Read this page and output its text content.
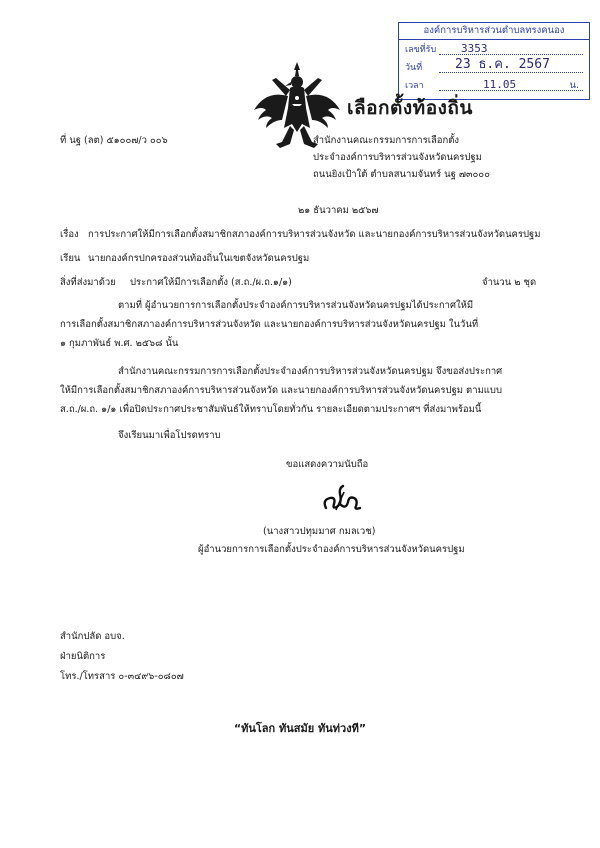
องค์การบริหารส่วนตำบลทรงคนอง
เลขที่รับ 3353
วันที่	23 ธ.ค. 2567
เวลา	11.05	น.
เลือกตั้งท้องถิ่น
ที่ นฐ (ลต) ๕๑๐๐๗/ว ๐๐๖	สำนักงานคณะกรรมการการเลือกตั้ง
ประจำองค์การบริหารส่วนจังหวัดนครปฐม
ถนนยิงเป้าใต้ ตำบลสนามจันทร์ นฐ ๗๓๐๐๐
๒๑ ธันวาคม ๒๕๖๗
เรื่อง การประกาศให้มีการเลือกตั้งสมาชิกสภาองค์การบริหารส่วนจังหวัด และนายกองค์การบริหารส่วนจังหวัดนครปฐม
เรียน นายกองค์กรปกครองส่วนท้องถิ่นในเขตจังหวัดนครปฐม
สิ่งที่ส่งมาด้วย ประกาศให้มีการเลือกตั้ง (ส.ถ./ผ.ถ.๑/๑)	จำนวน ๒ ชุด
ตามที่ ผู้อำนวยการการเลือกตั้งประจำองค์การบริหารส่วนจังหวัดนครปฐมได้ประกาศให้มี
การเลือกตั้งสมาชิกสภาองค์การบริหารส่วนจังหวัด และนายกองค์การบริหารส่วนจังหวัดนครปฐม ในวันที่
๑ กุมภาพันธ์ พ.ศ. ๒๕๖๘ นั้น
สำนักงานคณะกรรมการการเลือกตั้งประจำองค์การบริหารส่วนจังหวัดนครปฐม จึงขอส่งประกาศ
ให้มีการเลือกตั้งสมาชิกสภาองค์การบริหารส่วนจังหวัด และนายกองค์การบริหารส่วนจังหวัดนครปฐม ตามแบบ
ส.ถ./ผ.ถ. ๑/๑ เพื่อปิดประกาศประชาสัมพันธ์ให้ทราบโดยทั่วกัน รายละเอียดตามประกาศฯ ที่ส่งมาพร้อมนี้
จึงเรียนมาเพื่อโปรดทราบ
ขอแสดงความนับถือ
(นางสาวปทุมมาศ กมลเวช)
ผู้อำนวยการการเลือกตั้งประจำองค์การบริหารส่วนจังหวัดนครปฐม
สำนักปลัด อบจ.
ฝ่ายนิติการ
โทร./โทรสาร ๐-๓๔๙๖-๐๘๐๗
“ทันโลก ทันสมัย ทันท่วงที”
